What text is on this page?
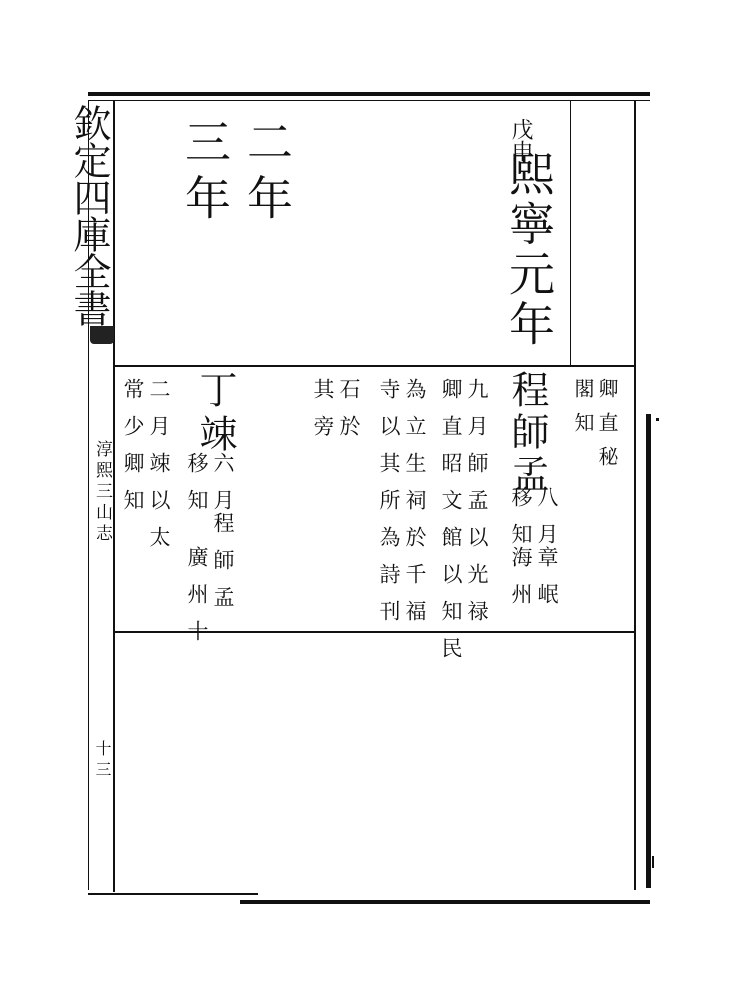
欽定四庫全書
淳熙三山志
十三
戊申
熙寧元年
二年
三年
卿直秘
閣知
程師孟
八月
移知
章岷
海州
九月師孟以光禄
卿直昭文館以知民
為立生祠於千福
寺以其所為詩刊
石於
其旁
丁竦
六月
移知
程師孟
廣州十
二月竦以太
常少卿知
